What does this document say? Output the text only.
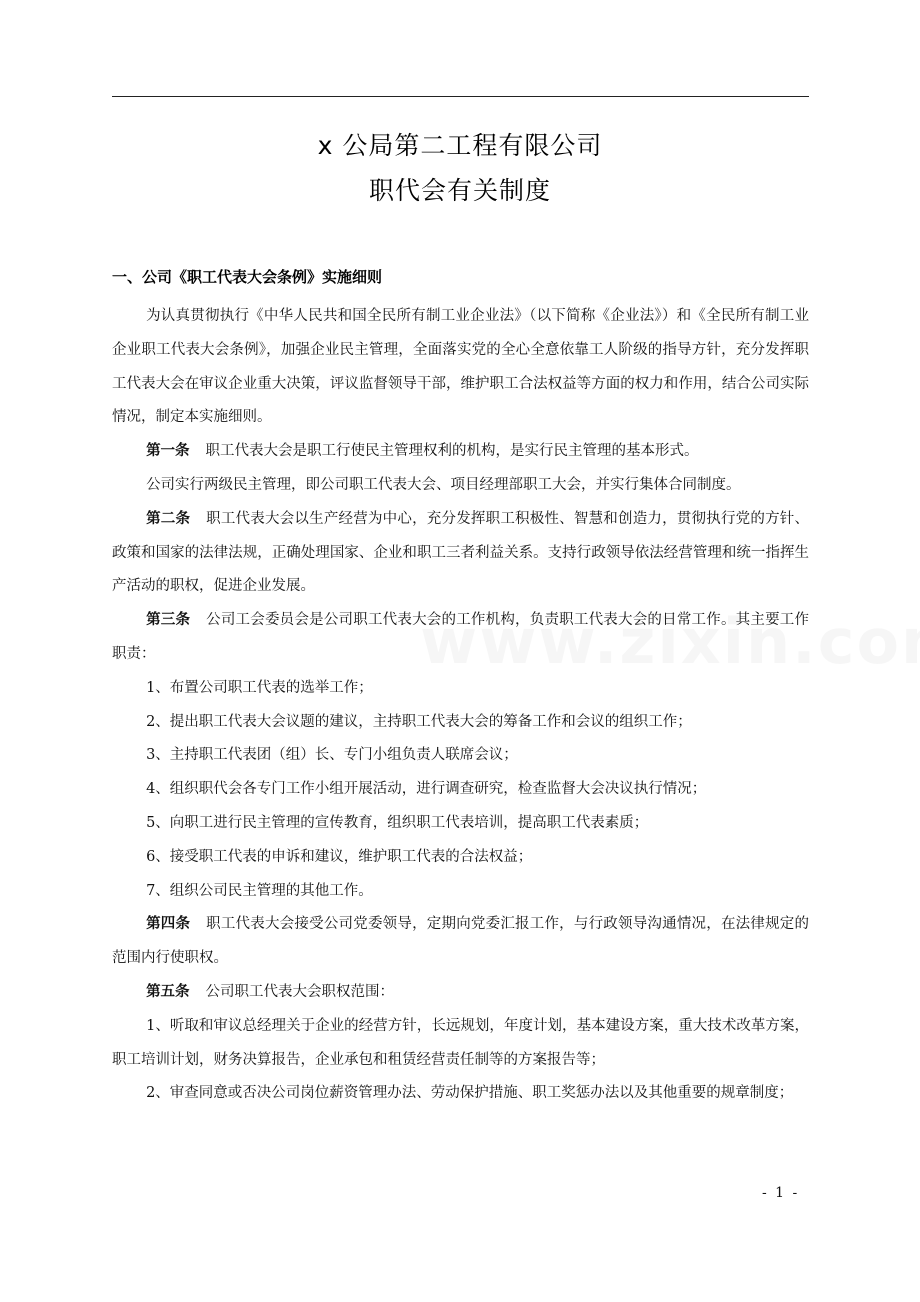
x 公局第二工程有限公司
职代会有关制度
一、公司《职工代表大会条例》实施细则

为认真贯彻执行《中华人民共和国全民所有制工业企业法》（以下简称《企业法》）和《全民所有制工业企业职工代表大会条例》，加强企业民主管理，全面落实党的全心全意依靠工人阶级的指导方针，充分发挥职工代表大会在审议企业重大决策，评议监督领导干部，维护职工合法权益等方面的权力和作用，结合公司实际情况，制定本实施细则。

第一条 职工代表大会是职工行使民主管理权利的机构，是实行民主管理的基本形式。

公司实行两级民主管理，即公司职工代表大会、项目经理部职工大会，并实行集体合同制度。

第二条 职工代表大会以生产经营为中心，充分发挥职工积极性、智慧和创造力，贯彻执行党的方针、政策和国家的法律法规，正确处理国家、企业和职工三者利益关系。支持行政领导依法经营管理和统一指挥生产活动的职权，促进企业发展。

第三条 公司工会委员会是公司职工代表大会的工作机构，负责职工代表大会的日常工作。其主要工作职责：

1、布置公司职工代表的选举工作；

2、提出职工代表大会议题的建议，主持职工代表大会的筹备工作和会议的组织工作；

3、主持职工代表团（组）长、专门小组负责人联席会议；

4、组织职代会各专门工作小组开展活动，进行调查研究，检查监督大会决议执行情况；

5、向职工进行民主管理的宣传教育，组织职工代表培训，提高职工代表素质；

6、接受职工代表的申诉和建议，维护职工代表的合法权益；

7、组织公司民主管理的其他工作。

第四条 职工代表大会接受公司党委领导，定期向党委汇报工作，与行政领导沟通情况，在法律规定的范围内行使职权。

第五条 公司职工代表大会职权范围：

1、听取和审议总经理关于企业的经营方针，长远规划，年度计划，基本建设方案，重大技术改革方案，职工培训计划，财务决算报告，企业承包和租赁经营责任制等的方案报告等；

2、审查同意或否决公司岗位薪资管理办法、劳动保护措施、职工奖惩办法以及其他重要的规章制度；

- 1 -
